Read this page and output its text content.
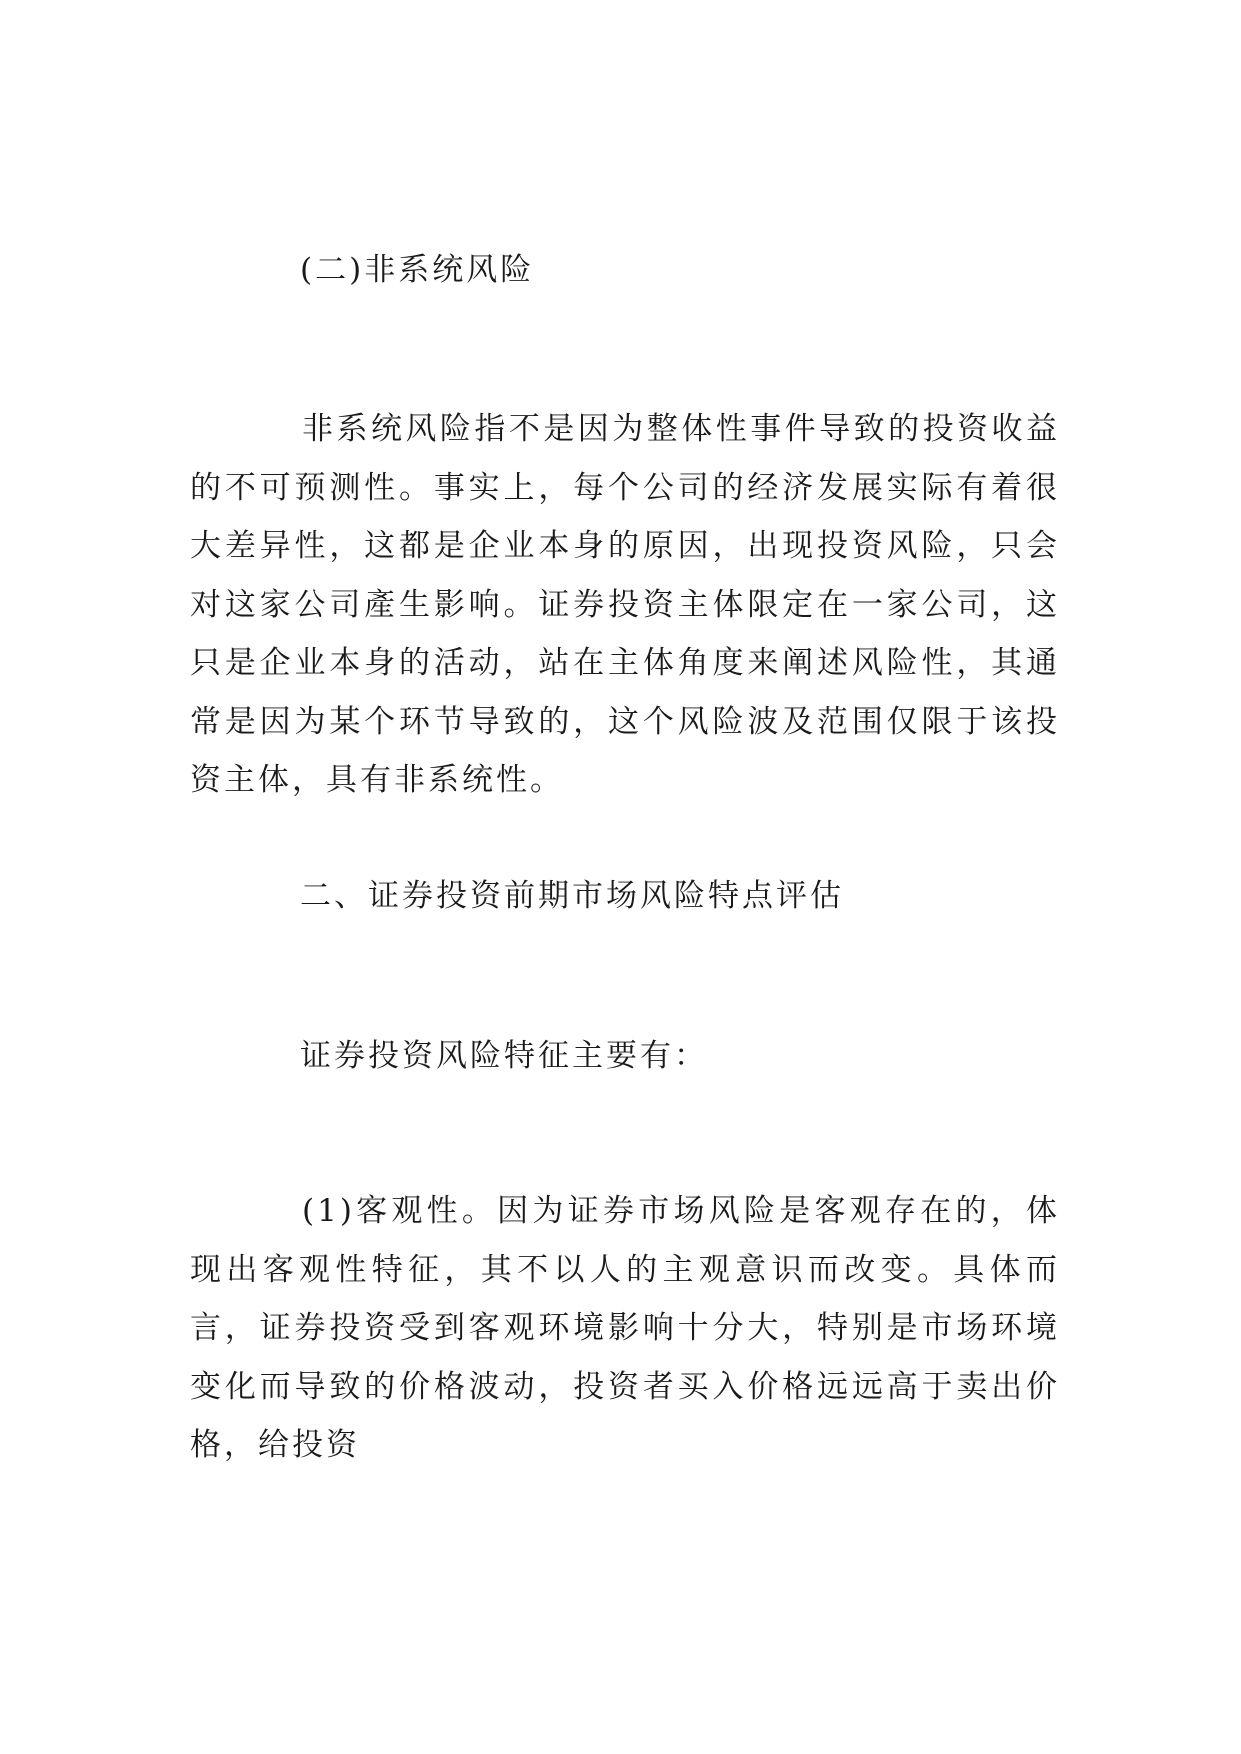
(二)非系统风险

非系统风险指不是因为整体性事件导致的投资收益的不可预测性。事实上，每个公司的经济发展实际有着很大差异性，这都是企业本身的原因，出现投资风险，只会对这家公司產生影响。证券投资主体限定在一家公司，这只是企业本身的活动，站在主体角度来阐述风险性，其通常是因为某个环节导致的，这个风险波及范围仅限于该投资主体，具有非系统性。

二、证券投资前期市场风险特点评估

证券投资风险特征主要有：

(1)客观性。因为证券市场风险是客观存在的，体现出客观性特征，其不以人的主观意识而改变。具体而言，证券投资受到客观环境影响十分大，特别是市场环境变化而导致的价格波动，投资者买入价格远远高于卖出价格，给投资
